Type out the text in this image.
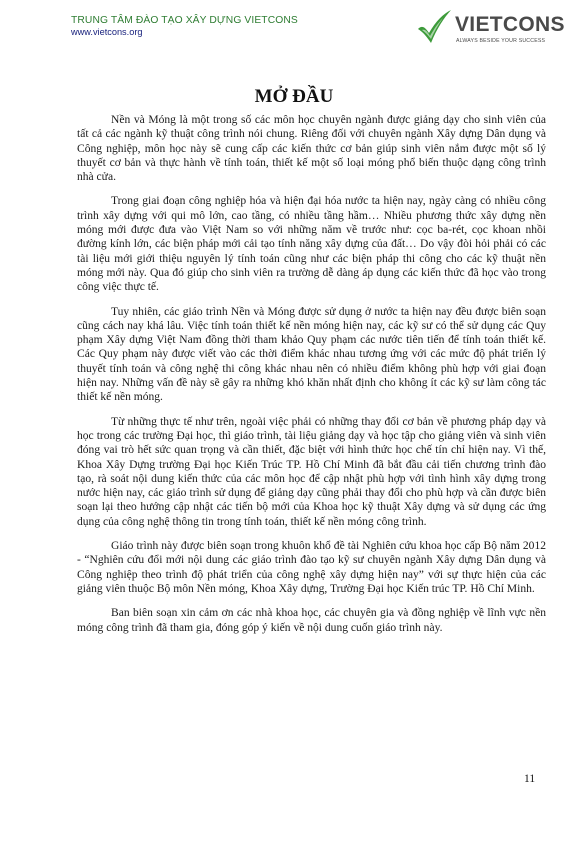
TRUNG TÂM ĐÀO TẠO XÂY DỰNG VIETCONS
www.vietcons.org	VIETCONS
ALWAYS BESIDE YOUR SUCCESS
MỞ ĐẦU

Nền và Móng là một trong số các môn học chuyên ngành được giảng dạy cho sinh viên của tất cả các ngành kỹ thuật công trình nói chung. Riêng đối với chuyên ngành Xây dựng Dân dụng và Công nghiệp, môn học này sẽ cung cấp các kiến thức cơ bản giúp sinh viên nắm được một số lý thuyết cơ bản và thực hành về tính toán, thiết kế một số loại móng phổ biến thuộc dạng công trình nhà cửa.

Trong giai đoạn công nghiệp hóa và hiện đại hóa nước ta hiện nay, ngày càng có nhiều công trình xây dựng với qui mô lớn, cao tầng, có nhiều tầng hầm… Nhiều phương thức xây dựng nền móng mới được đưa vào Việt Nam so với những năm về trước như: cọc ba-rét, cọc khoan nhồi đường kính lớn, các biện pháp mới cải tạo tính năng xây dựng của đất… Do vậy đòi hỏi phải có các tài liệu mới giới thiệu nguyên lý tính toán cũng như các biện pháp thi công cho các kỹ thuật nền móng mới này. Qua đó giúp cho sinh viên ra trường dễ dàng áp dụng các kiến thức đã học vào trong công việc thực tế.

Tuy nhiên, các giáo trình Nền và Móng được sử dụng ở nước ta hiện nay đều được biên soạn cũng cách nay khá lâu. Việc tính toán thiết kế nền móng hiện nay, các kỹ sư có thể sử dụng các Quy phạm Xây dựng Việt Nam đồng thời tham khảo Quy phạm các nước tiên tiến để tính toán thiết kế. Các Quy phạm này được viết vào các thời điểm khác nhau tương ứng với các mức độ phát triển lý thuyết tính toán và công nghệ thi công khác nhau nên có nhiều điểm không phù hợp với giai đoạn hiện nay. Những vấn đề này sẽ gây ra những khó khăn nhất định cho không ít các kỹ sư làm công tác thiết kế nền móng.

Từ những thực tế như trên, ngoài việc phải có những thay đổi cơ bản về phương pháp dạy và học trong các trường Đại học, thì giáo trình, tài liệu giảng dạy và học tập cho giảng viên và sinh viên đóng vai trò hết sức quan trọng và cần thiết, đặc biệt với hình thức học chế tín chỉ hiện nay. Vì thế, Khoa Xây Dựng trường Đại học Kiến Trúc TP. Hồ Chí Minh đã bắt đầu cải tiến chương trình đào tạo, rà soát nội dung kiến thức của các môn học để cập nhật phù hợp với tình hình xây dựng trong nước hiện nay, các giáo trình sử dụng để giảng dạy cũng phải thay đổi cho phù hợp và cần được biên soạn lại theo hướng cập nhật các tiến bộ mới của Khoa học kỹ thuật Xây dựng và sử dụng các ứng dụng của công nghệ thông tin trong tính toán, thiết kế nền móng công trình.

Giáo trình này được biên soạn trong khuôn khổ đề tài Nghiên cứu khoa học cấp Bộ năm 2012 - “Nghiên cứu đổi mới nội dung các giáo trình đào tạo kỹ sư chuyên ngành Xây dựng Dân dụng và Công nghiệp theo trình độ phát triển của công nghệ xây dựng hiện nay” với sự thực hiện của các giảng viên thuộc Bộ môn Nền móng, Khoa Xây dựng, Trường Đại học Kiến trúc TP. Hồ Chí Minh.

Ban biên soạn xin cảm ơn các nhà khoa học, các chuyên gia và đồng nghiệp về lĩnh vực nền móng công trình đã tham gia, đóng góp ý kiến về nội dung cuốn giáo trình này.

11
